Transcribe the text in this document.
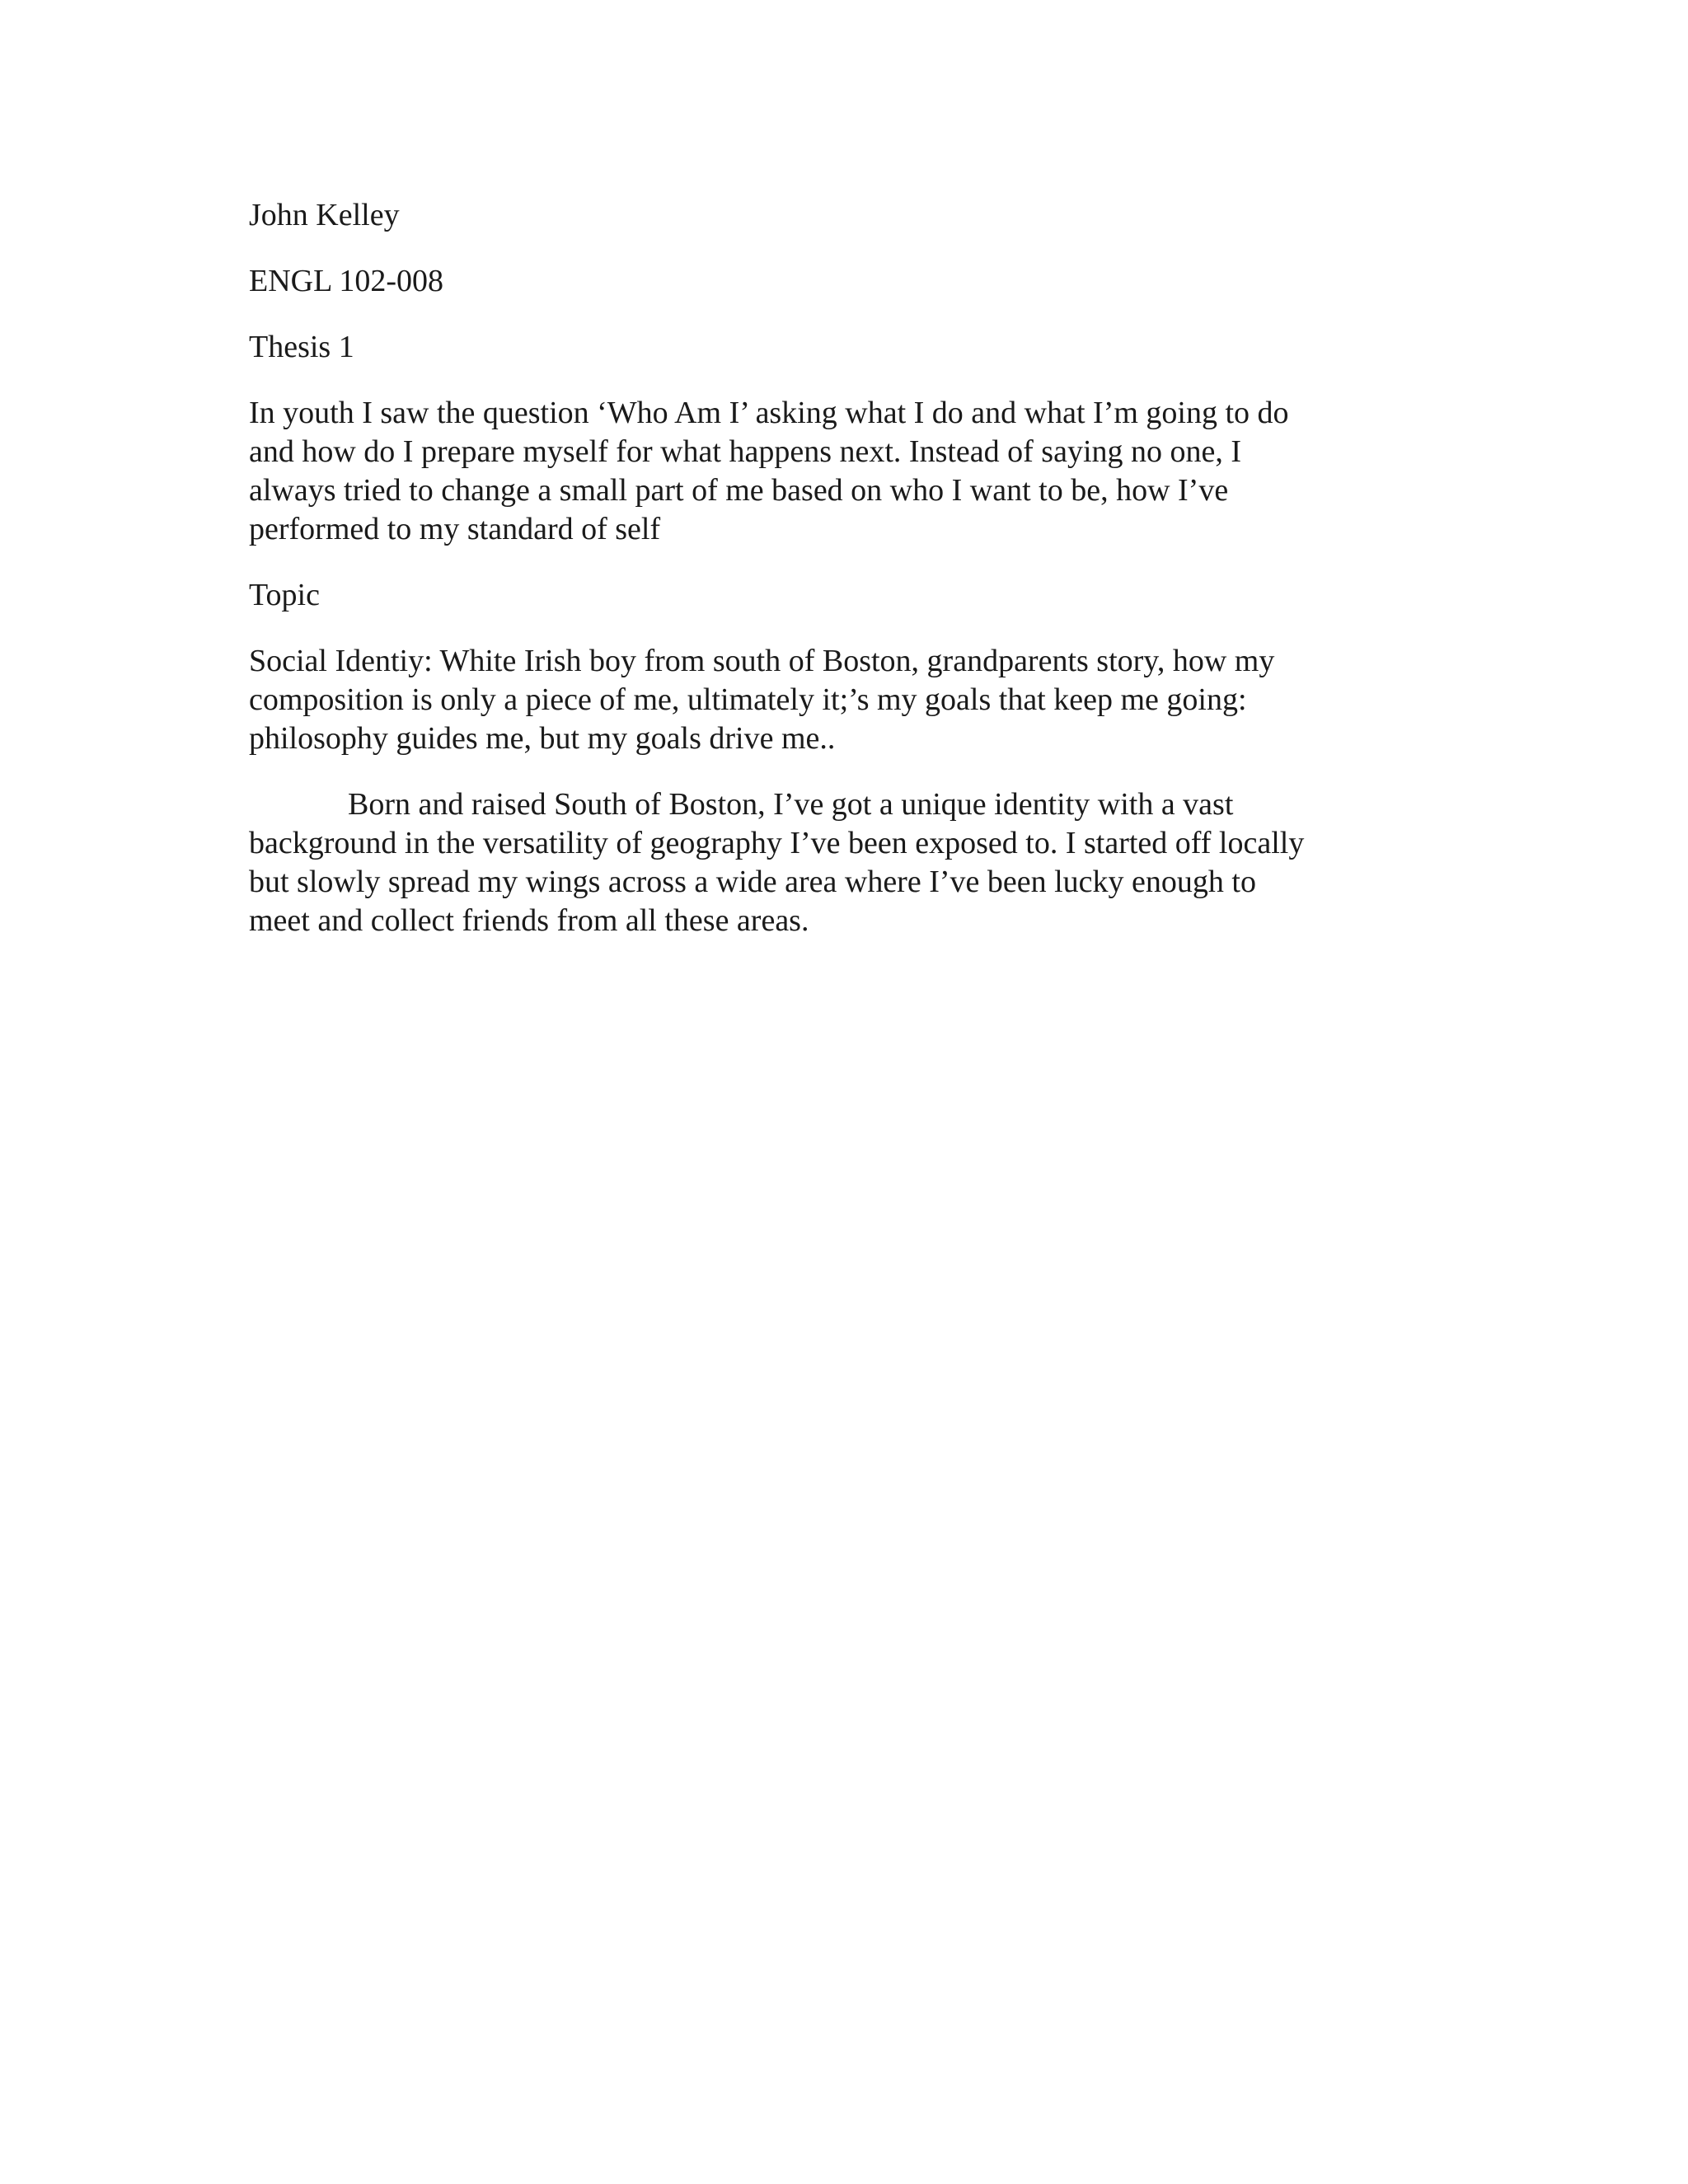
John Kelley
ENGL 102-008
Thesis 1
In youth I saw the question ‘Who Am I’ asking what I do and what I’m going to do
and how do I prepare myself for what happens next. Instead of saying no one, I
always tried to change a small part of me based on who I want to be, how I’ve
performed to my standard of self
Topic
Social Identiy: White Irish boy from south of Boston, grandparents story, how my
composition is only a piece of me, ultimately it;’s my goals that keep me going:
philosophy guides me, but my goals drive me..
Born and raised South of Boston, I’ve got a unique identity with a vast
background in the versatility of geography I’ve been exposed to. I started off locally
but slowly spread my wings across a wide area where I’ve been lucky enough to
meet and collect friends from all these areas.
